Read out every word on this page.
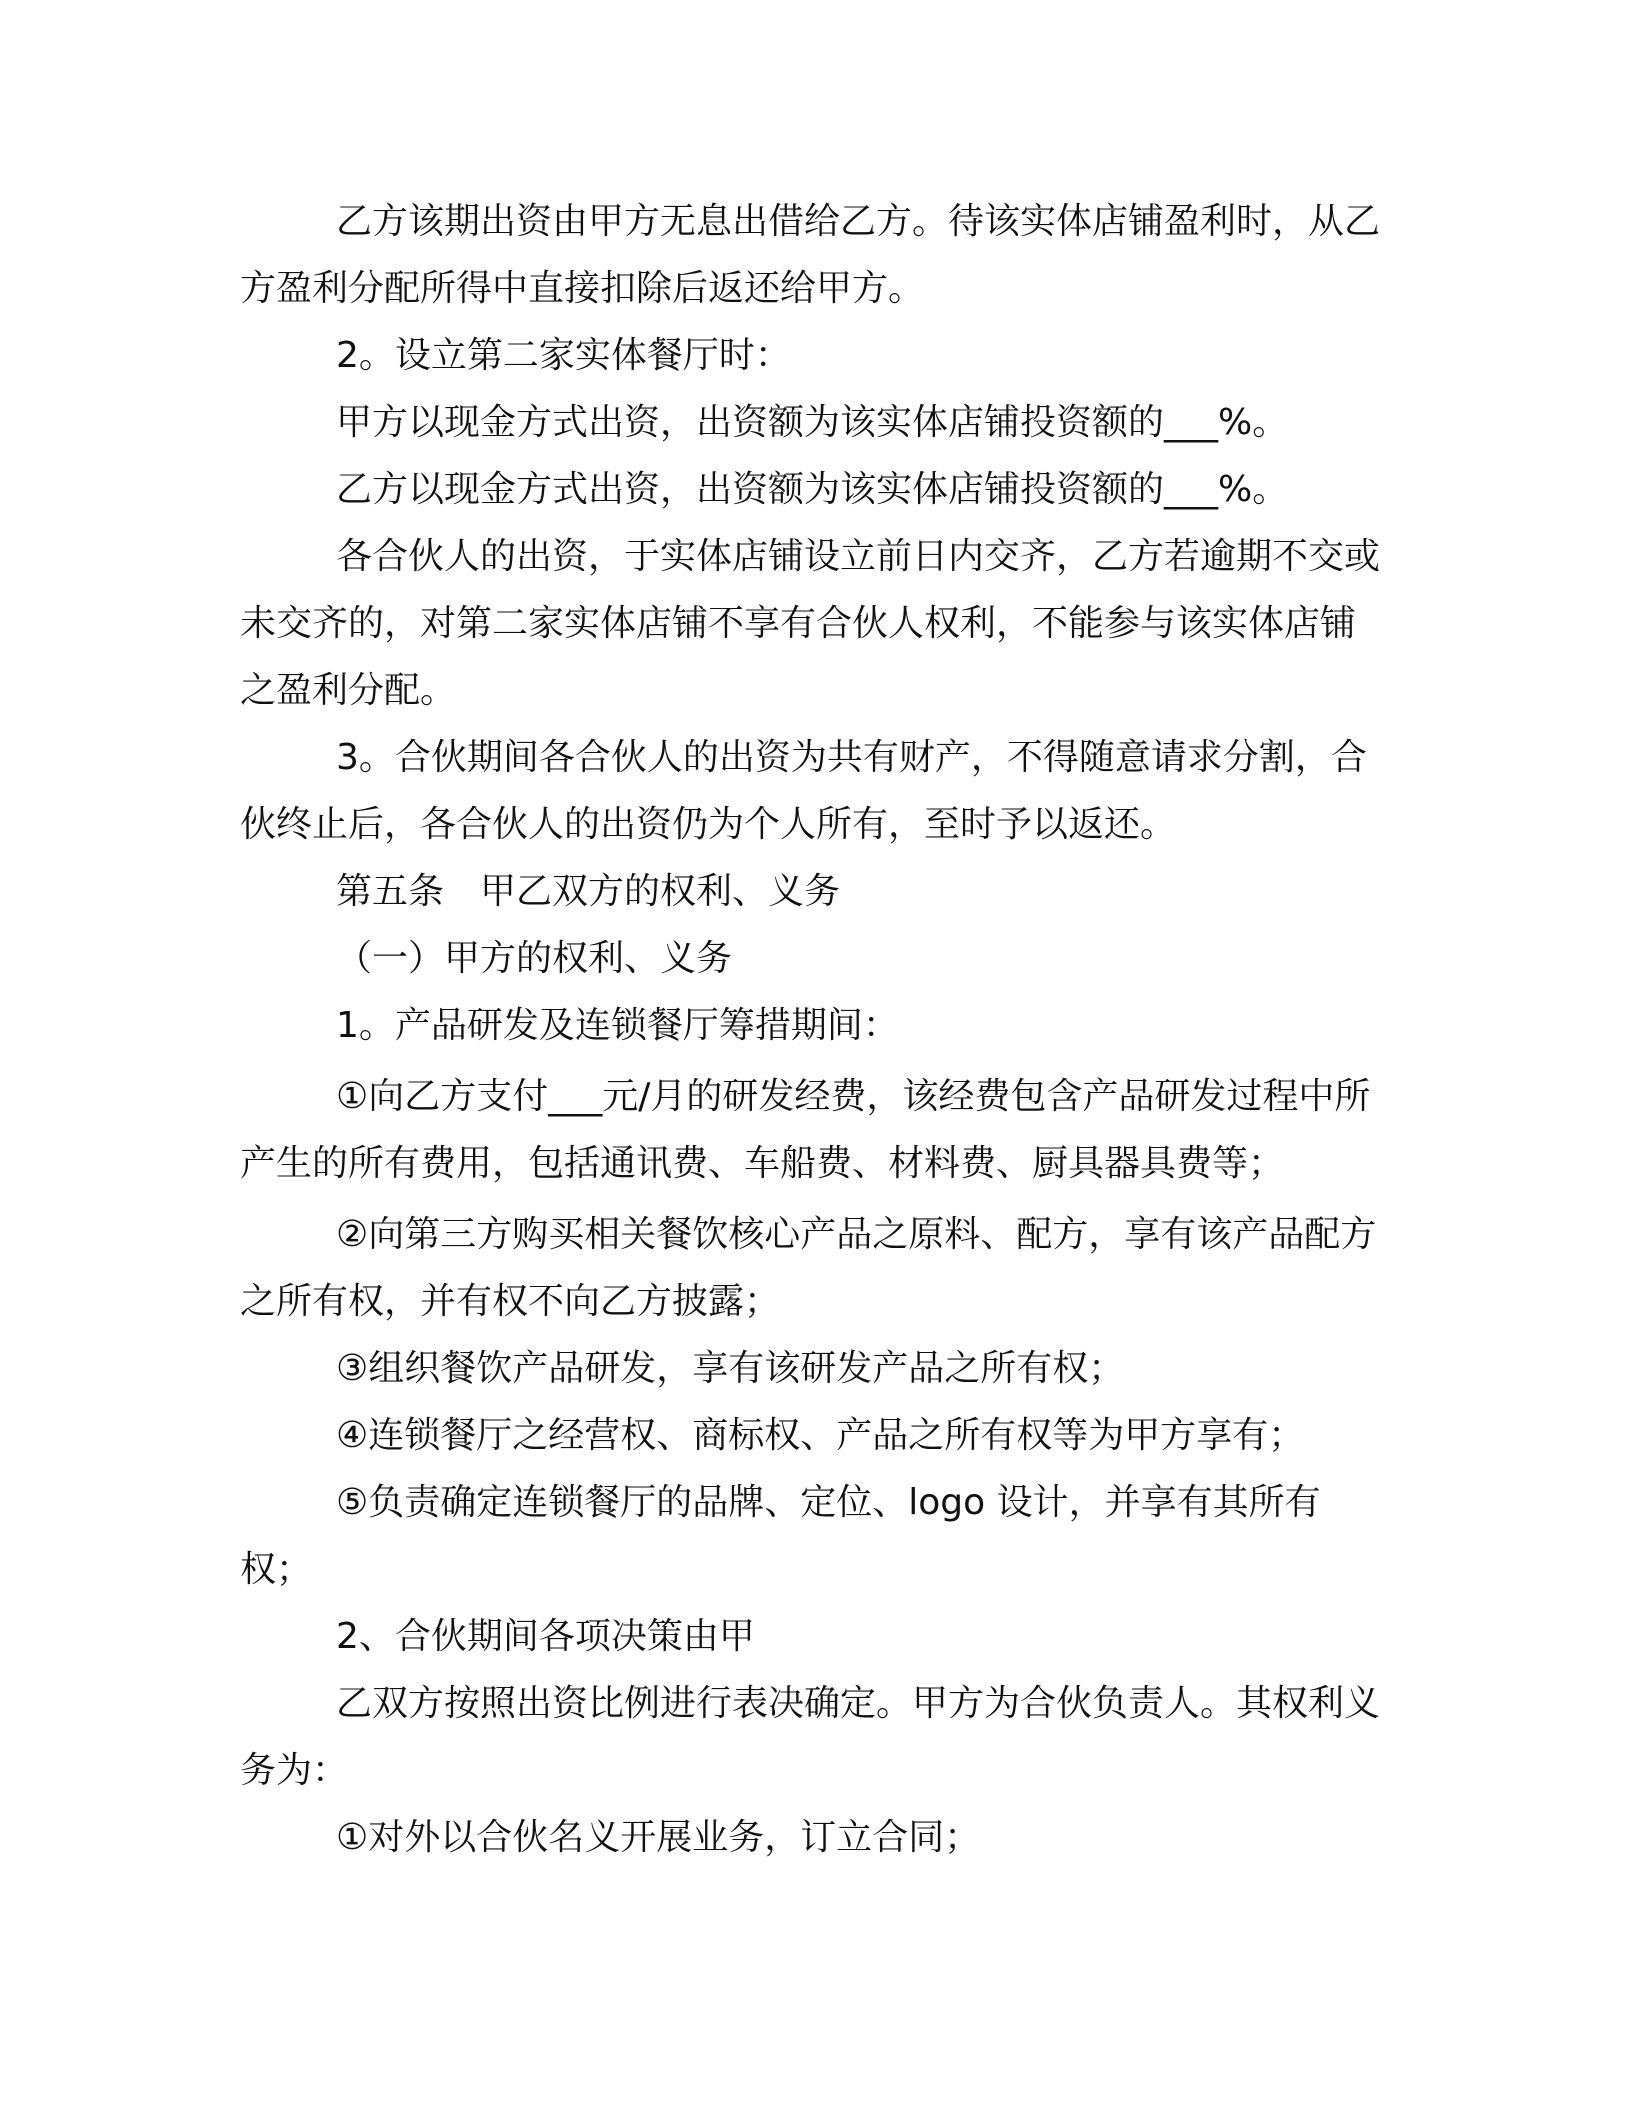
乙方该期出资由甲方无息出借给乙方。待该实体店铺盈利时，从乙方盈利分配所得中直接扣除后返还给甲方。

2。设立第二家实体餐厅时：

甲方以现金方式出资，出资额为该实体店铺投资额的___%。

乙方以现金方式出资，出资额为该实体店铺投资额的___%。

各合伙人的出资，于实体店铺设立前日内交齐，乙方若逾期不交或未交齐的，对第二家实体店铺不享有合伙人权利，不能参与该实体店铺之盈利分配。

3。合伙期间各合伙人的出资为共有财产，不得随意请求分割，合伙终止后，各合伙人的出资仍为个人所有，至时予以返还。

第五条　甲乙双方的权利、义务

（一）甲方的权利、义务

1。产品研发及连锁餐厅筹措期间：

①向乙方支付___元/月的研发经费，该经费包含产品研发过程中所产生的所有费用，包括通讯费、车船费、材料费、厨具器具费等；

②向第三方购买相关餐饮核心产品之原料、配方，享有该产品配方之所有权，并有权不向乙方披露；

③组织餐饮产品研发，享有该研发产品之所有权；

④连锁餐厅之经营权、商标权、产品之所有权等为甲方享有；

⑤负责确定连锁餐厅的品牌、定位、logo 设计，并享有其所有权；

2、合伙期间各项决策由甲

乙双方按照出资比例进行表决确定。甲方为合伙负责人。其权利义务为：

①对外以合伙名义开展业务，订立合同；
